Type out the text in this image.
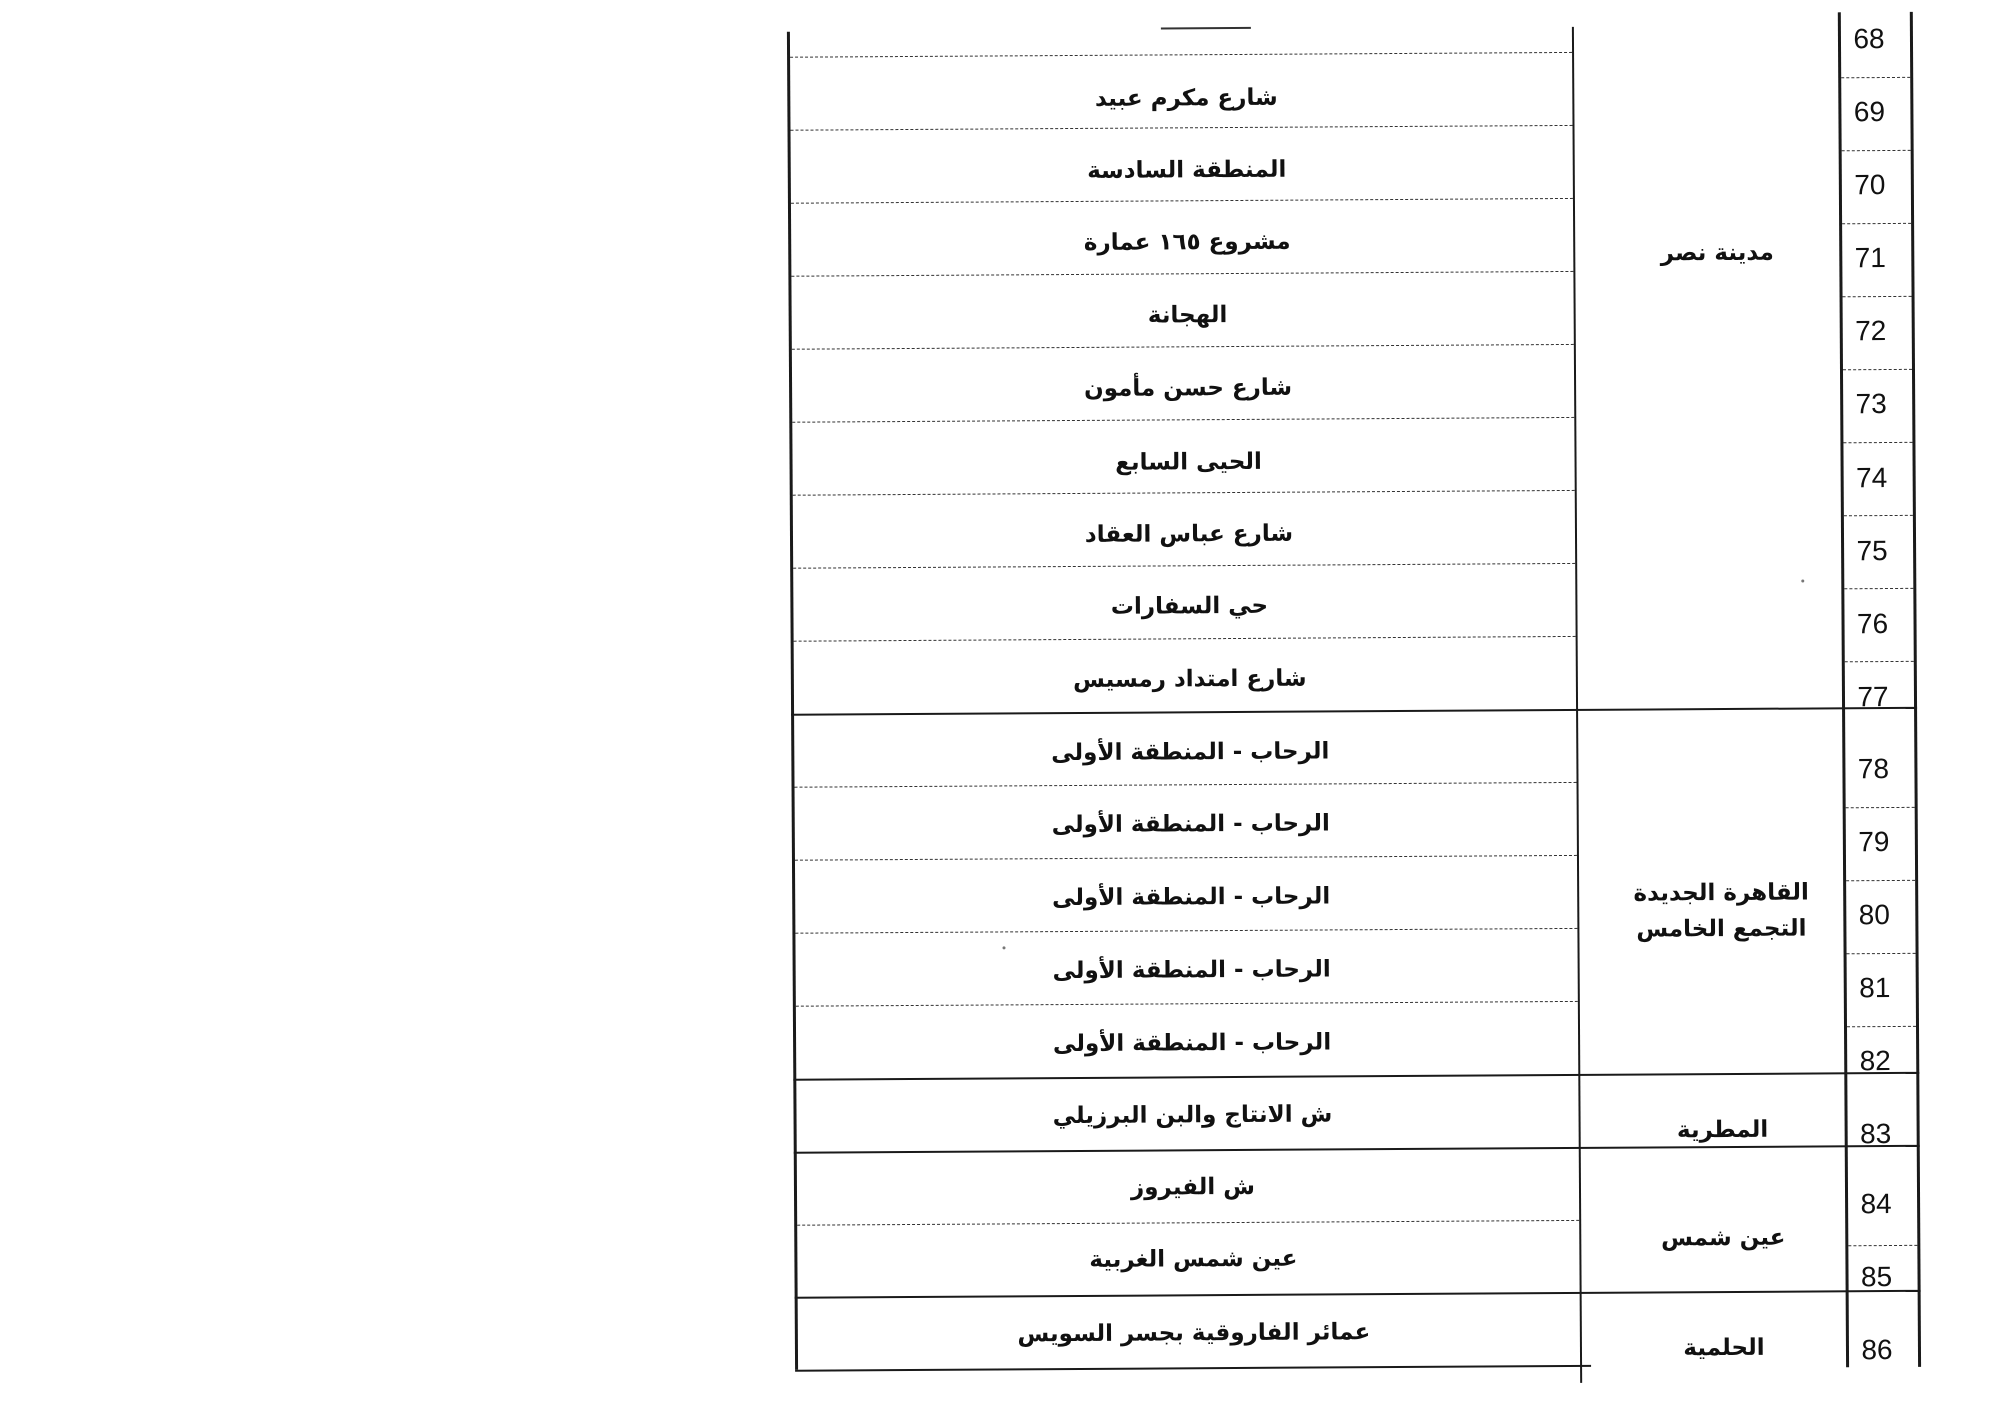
مدينة نصر
القاهرة الجديدة
التجمع الخامس
المطرية
عين شمس
الحلمية
شارع مكرم عبيد
المنطقة السادسة
مشروع ١٦٥ عمارة
الهجانة
شارع حسن مأمون
الحيى السابع
شارع عباس العقاد
حي السفارات
شارع امتداد رمسيس
الرحاب - المنطقة الأولى
الرحاب - المنطقة الأولى
الرحاب - المنطقة الأولى
الرحاب - المنطقة الأولى
الرحاب - المنطقة الأولى
ش الانتاج والبن البرزيلي
ش الفيروز
عين شمس الغربية
عمائر الفاروقية بجسر السويس
68
69
70
71
72
73
74
75
76
77
78
79
80
81
82
83
84
85
86
